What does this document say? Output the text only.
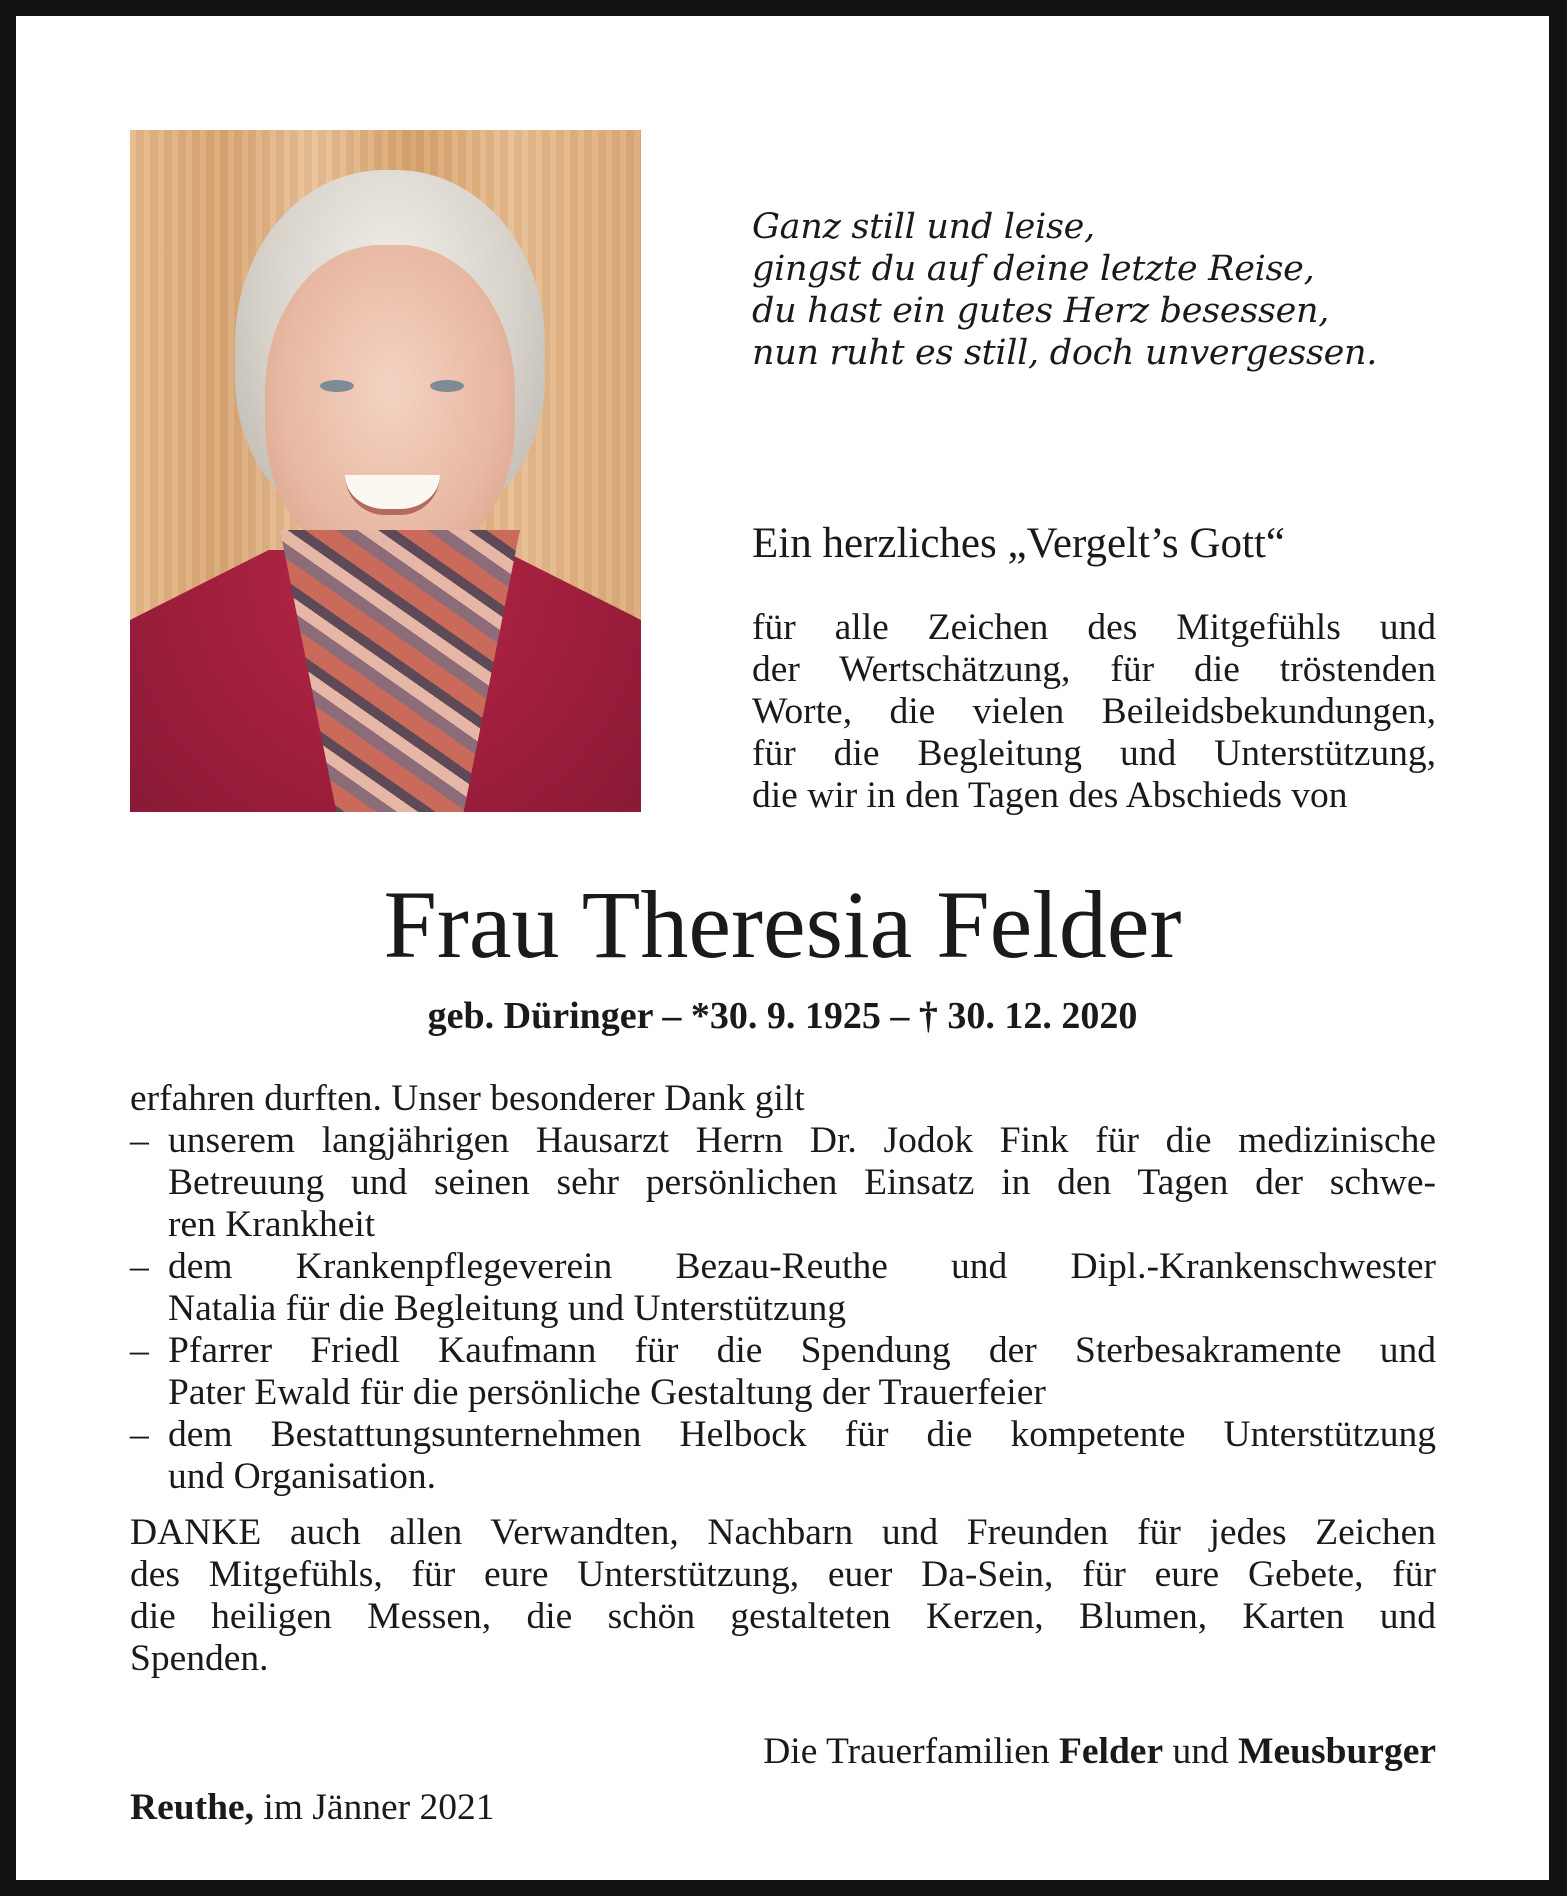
Ganz still und leise,
gingst du auf deine letzte Reise,
du hast ein gutes Herz besessen,
nun ruht es still, doch unvergessen.
Ein herzliches „Vergelt’s Gott“
für alle Zeichen des Mitgefühls und
der Wertschätzung, für die tröstenden
Worte, die vielen Beileidsbekundungen,
für die Begleitung und Unterstützung,
die wir in den Tagen des Abschieds von
Frau Theresia Felder
geb. Düringer – *30. 9. 1925 – † 30. 12. 2020
erfahren durften. Unser besonderer Dank gilt
– unserem langjährigen Hausarzt Herrn Dr. Jodok Fink für die medizinische
Betreuung und seinen sehr persönlichen Einsatz in den Tagen der schwe-
ren Krankheit
– dem Krankenpflegeverein Bezau-Reuthe und Dipl.-Krankenschwester
Natalia für die Begleitung und Unterstützung
– Pfarrer Friedl Kaufmann für die Spendung der Sterbesakramente und
Pater Ewald für die persönliche Gestaltung der Trauerfeier
– dem Bestattungsunternehmen Helbock für die kompetente Unterstützung
und Organisation.
DANKE auch allen Verwandten, Nachbarn und Freunden für jedes Zeichen
des Mitgefühls, für eure Unterstützung, euer Da-Sein, für eure Gebete, für
die heiligen Messen, die schön gestalteten Kerzen, Blumen, Karten und
Spenden.
Die Trauerfamilien Felder und Meusburger
Reuthe, im Jänner 2021
